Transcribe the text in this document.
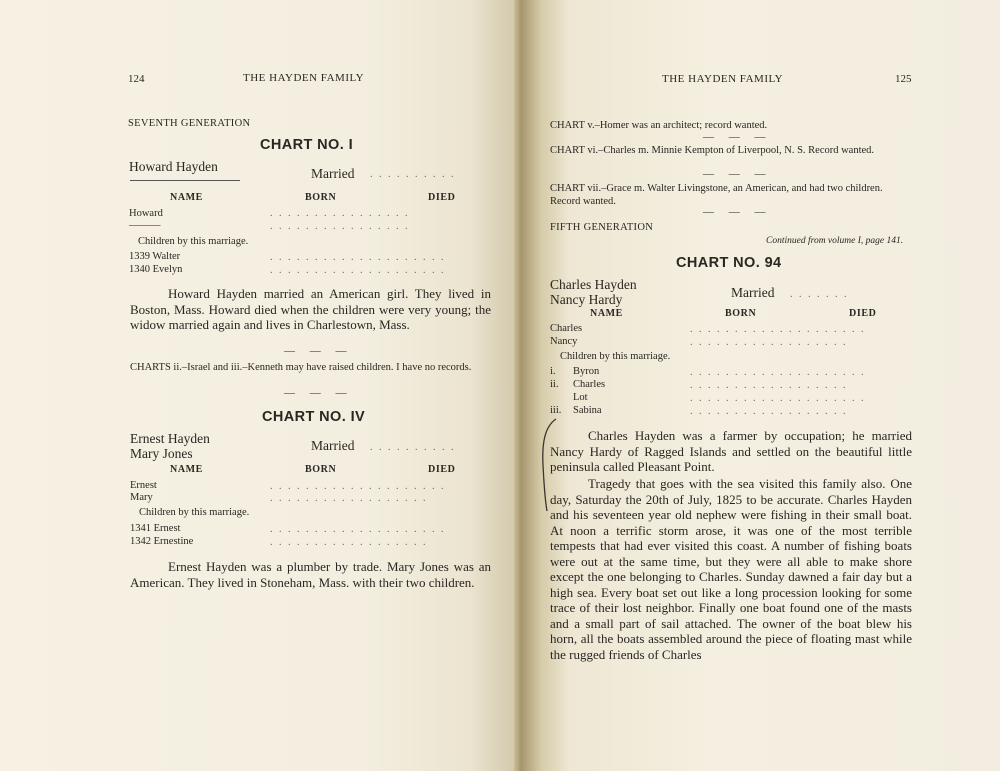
124	THE HAYDEN FAMILY
SEVENTH GENERATION
CHART NO. I
Howard Hayden	Married . . . . . . . . . .
NAME	BORN	DIED
Howard	. . . . . . . . . . . . . . . .
———	. . . . . . . . . . . . . . . .
Children by this marriage.
1339 Walter	. . . . . . . . . . . . . . . . . . . .
1340 Evelyn	. . . . . . . . . . . . . . . . . . . .
Howard Hayden married an American girl. They lived in Boston, Mass. Howard died when the children were very young; the widow married again and lives in Charlestown, Mass.
— — —
CHARTS ii.–Israel and iii.–Kenneth may have raised children. I have no records.
— — —
CHART NO. IV
Ernest Hayden
Mary Jones
Married . . . . . . . . . .
NAME	BORN	DIED
Ernest	. . . . . . . . . . . . . . . . . . . .
Mary	. . . . . . . . . . . . . . . . . .
Children by this marriage.
1341 Ernest	. . . . . . . . . . . . . . . . . . . .
1342 Ernestine	. . . . . . . . . . . . . . . . . .
Ernest Hayden was a plumber by trade. Mary Jones was an American. They lived in Stoneham, Mass. with their two children.
THE HAYDEN FAMILY	125
CHART v.–Homer was an architect; record wanted.
— — —
CHART vi.–Charles m. Minnie Kempton of Liverpool, N. S. Record wanted.
— — —
CHART vii.–Grace m. Walter Livingstone, an American, and had two children. Record wanted.
— — —
FIFTH GENERATION
Continued from volume I, page 141.
CHART NO. 94
Charles Hayden
Nancy Hardy	Married . . . . . . .
NAME	BORN	DIED
Charles	. . . . . . . . . . . . . . . . . . . .
Nancy	. . . . . . . . . . . . . . . . . .
Children by this marriage.
i. Byron	. . . . . . . . . . . . . . . . . . . .
ii. Charles	. . . . . . . . . . . . . . . . . .
Lot	. . . . . . . . . . . . . . . . . . . .
iii. Sabina	. . . . . . . . . . . . . . . . . .
Charles Hayden was a farmer by occupation; he married Nancy Hardy of Ragged Islands and settled on the beautiful little peninsula called Pleasant Point.
Tragedy that goes with the sea visited this family also. One day, Saturday the 20th of July, 1825 to be accurate. Charles Hayden and his seventeen year old nephew were fishing in their small boat. At noon a terrific storm arose, it was one of the most terrible tempests that had ever visited this coast. A number of fishing boats were out at the same time, but they were all able to make shore except the one belonging to Charles. Sunday dawned a fair day but a high sea. Every boat set out like a long procession looking for some trace of their lost neighbor. Finally one boat found one of the masts and a small part of sail attached. The owner of the boat blew his horn, all the boats assembled around the piece of floating mast while the rugged friends of Charles
